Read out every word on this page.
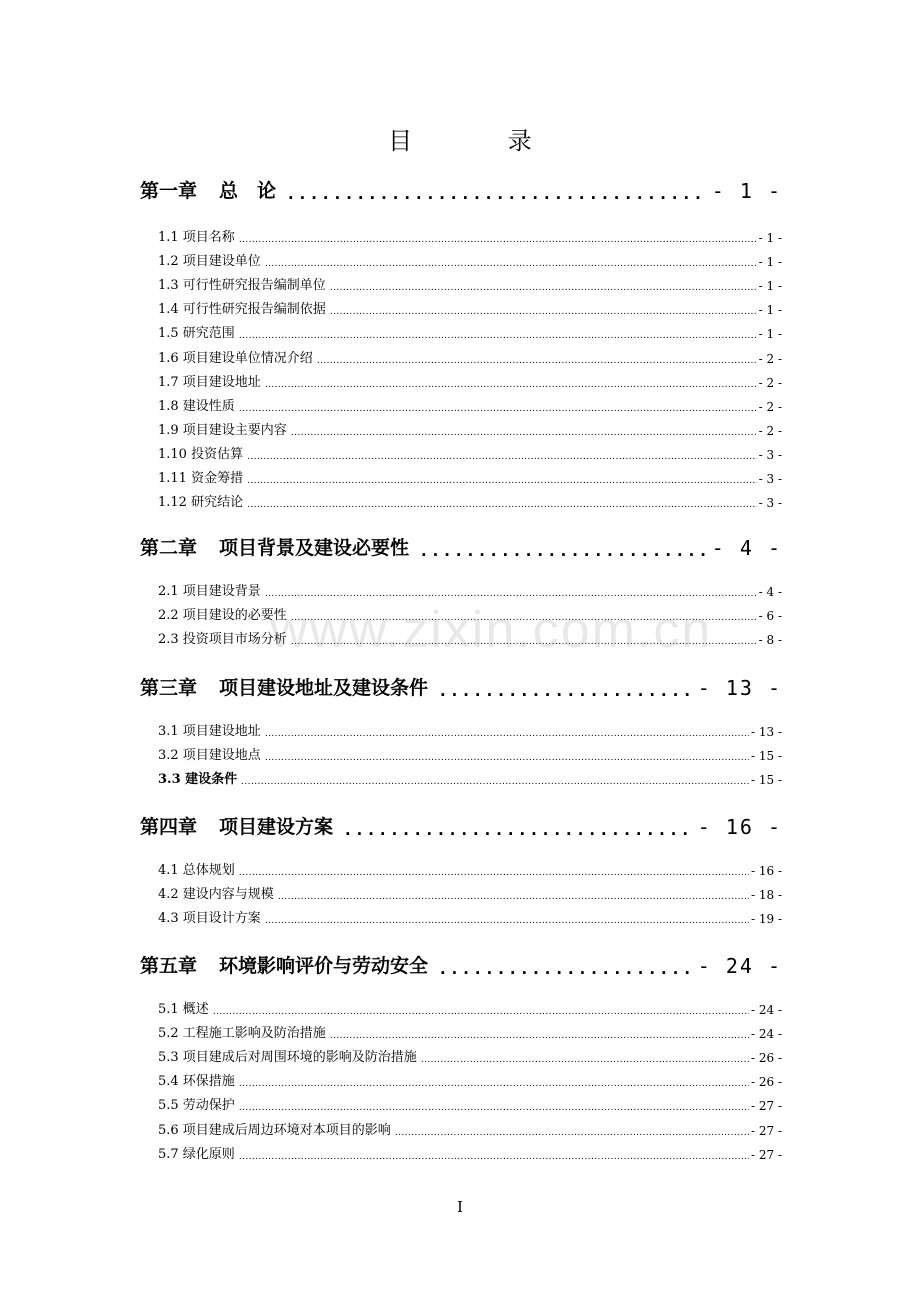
目 录
第一章 总　论 .....	- 1 -
1.1 项目名称 .....	- 1 -
1.2 项目建设单位 .....	- 1 -
1.3 可行性研究报告编制单位 .....	- 1 -
1.4 可行性研究报告编制依据 .....	- 1 -
1.5 研究范围 .....	- 1 -
1.6 项目建设单位情况介绍 .....	- 2 -
1.7 项目建设地址 .....	- 2 -
1.8 建设性质 .....	- 2 -
1.9 项目建设主要内容 .....	- 2 -
1.10 投资估算 .....	- 3 -
1.11 资金筹措 .....	- 3 -
1.12 研究结论 .....	- 3 -
第二章 项目背景及建设必要性 .....	- 4 -
2.1 项目建设背景 .....	- 4 -
2.2 项目建设的必要性 .....	- 6 -
2.3 投资项目市场分析 .....	- 8 -
第三章 项目建设地址及建设条件 .....	- 13 -
3.1 项目建设地址 .....	- 13 -
3.2 项目建设地点 .....	- 15 -
3.3 建设条件 .....	- 15 -
第四章 项目建设方案 .....	- 16 -
4.1 总体规划 .....	- 16 -
4.2 建设内容与规模 .....	- 18 -
4.3 项目设计方案 .....	- 19 -
第五章 环境影响评价与劳动安全 .....	- 24 -
5.1 概述 .....	- 24 -
5.2 工程施工影响及防治措施 .....	- 24 -
5.3 项目建成后对周围环境的影响及防治措施 .....	- 26 -
5.4 环保措施 .....	- 26 -
5.5 劳动保护 .....	- 27 -
5.6 项目建成后周边环境对本项目的影响 .....	- 27 -
5.7 绿化原则 .....	- 27 -
www.zixin.com.cn
I
